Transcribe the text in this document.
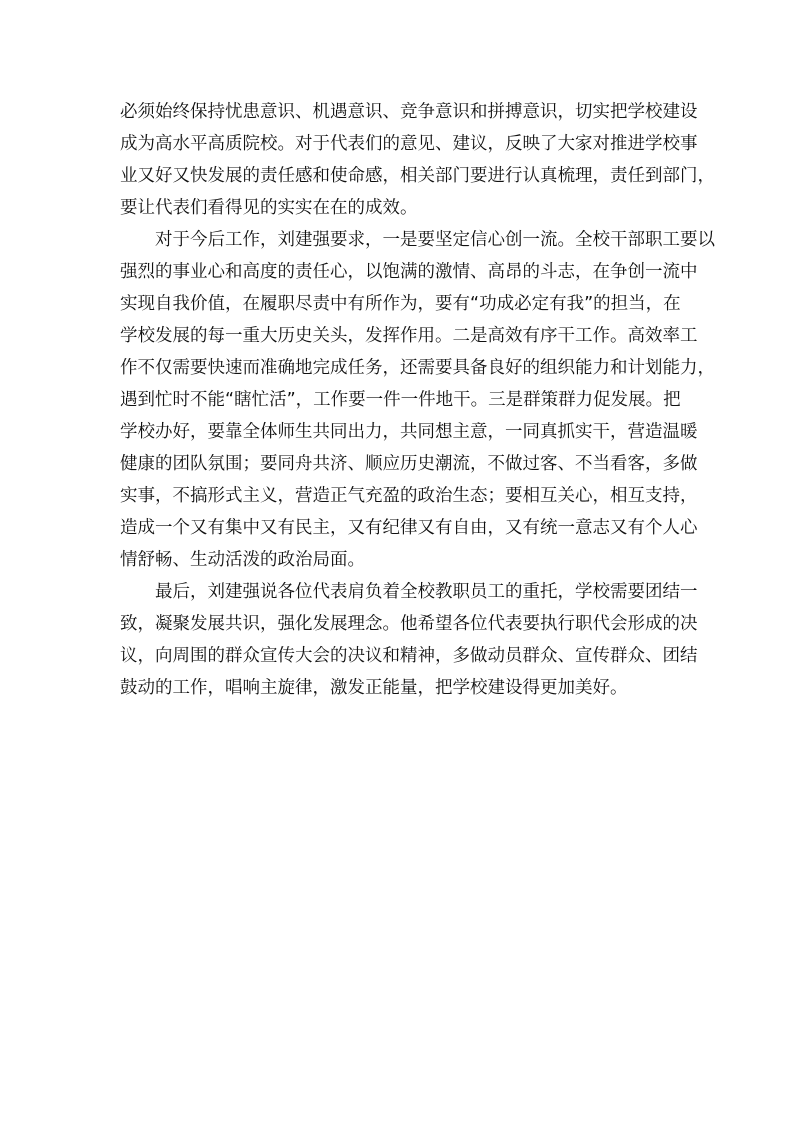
必须始终保持忧患意识、机遇意识、竞争意识和拼搏意识，切实把学校建设
成为高水平高质院校。对于代表们的意见、建议，反映了大家对推进学校事
业又好又快发展的责任感和使命感，相关部门要进行认真梳理，责任到部门，
要让代表们看得见的实实在在的成效。
对于今后工作，刘建强要求，一是要坚定信心创一流。全校干部职工要以
强烈的事业心和高度的责任心，以饱满的激情、高昂的斗志，在争创一流中
实现自我价值，在履职尽责中有所作为，要有“功成必定有我”的担当，在
学校发展的每一重大历史关头，发挥作用。二是高效有序干工作。高效率工
作不仅需要快速而准确地完成任务，还需要具备良好的组织能力和计划能力，
遇到忙时不能“瞎忙活”，工作要一件一件地干。三是群策群力促发展。把
学校办好，要靠全体师生共同出力，共同想主意，一同真抓实干，营造温暖
健康的团队氛围；要同舟共济、顺应历史潮流，不做过客、不当看客，多做
实事，不搞形式主义，营造正气充盈的政治生态；要相互关心，相互支持，
造成一个又有集中又有民主，又有纪律又有自由，又有统一意志又有个人心
情舒畅、生动活泼的政治局面。
最后，刘建强说各位代表肩负着全校教职员工的重托，学校需要团结一
致，凝聚发展共识，强化发展理念。他希望各位代表要执行职代会形成的决
议，向周围的群众宣传大会的决议和精神，多做动员群众、宣传群众、团结
鼓动的工作，唱响主旋律，激发正能量，把学校建设得更加美好。
